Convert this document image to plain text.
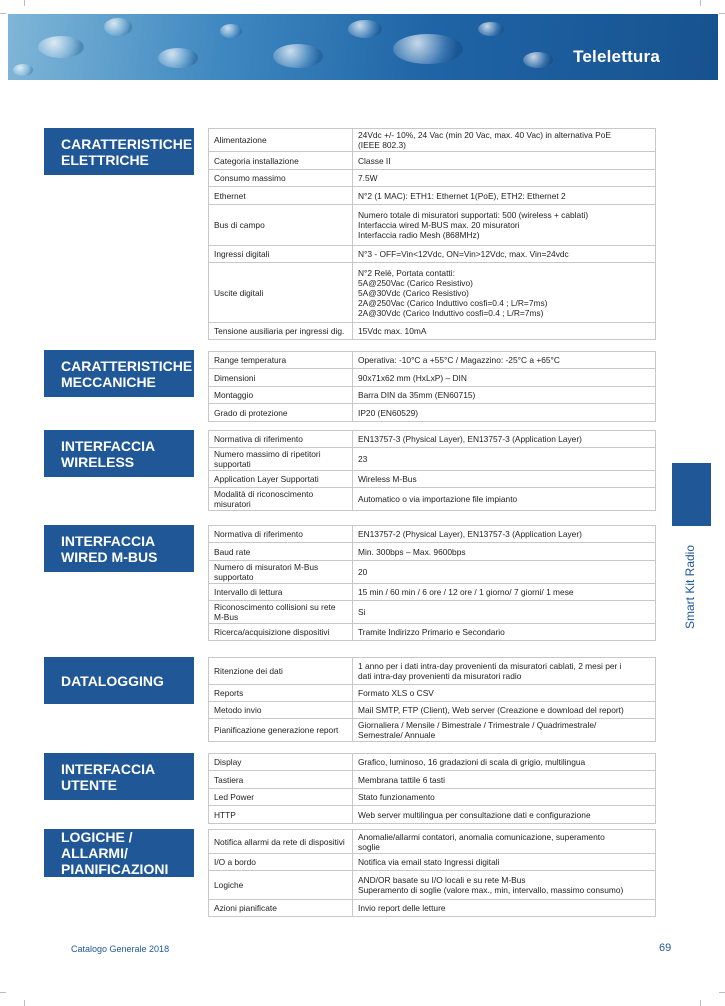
Telelettura
CARATTERISTICHE
ELETTRICHE
Alimentazione	24Vdc +/- 10%, 24 Vac (min 20 Vac, max. 40 Vac) in alternativa PoE
(IEEE 802.3)

Categoria installazione	Classe II

Consumo massimo	7.5W

Ethernet	N°2 (1 MAC): ETH1: Ethernet 1(PoE), ETH2: Ethernet 2

Bus di campo	Numero totale di misuratori supportati: 500 (wireless + cablati)
Interfaccia wired M-BUS max. 20 misuratori
Interfaccia radio Mesh (868MHz)

Ingressi digitali	N°3 - OFF=Vin<12Vdc, ON=Vin>12Vdc, max. Vin=24vdc

Uscite digitali	N°2 Relè, Portata contatti:
5A@250Vac (Carico Resistivo)
5A@30Vdc (Carico Resistivo)
2A@250Vac (Carico Induttivo cosfi=0.4 ; L/R=7ms)
2A@30Vdc (Carico Induttivo cosfi=0.4 ; L/R=7ms)

Tensione ausiliaria per ingressi dig.	15Vdc max. 10mA
CARATTERISTICHE
MECCANICHE
Range temperatura	Operativa: -10°C a +55°C / Magazzino: -25°C a +65°C

Dimensioni	90x71x62 mm (HxLxP) – DIN

Montaggio	Barra DIN da 35mm (EN60715)

Grado di protezione	IP20 (EN60529)
INTERFACCIA
WIRELESS
Normativa di riferimento	EN13757-3 (Physical Layer), EN13757-3 (Application Layer)

Numero massimo di ripetitori supportati	23

Application Layer Supportati	Wireless M-Bus

Modalità di riconoscimento misuratori	Automatico o via importazione file impianto
INTERFACCIA
WIRED M-BUS
Normativa di riferimento	EN13757-2 (Physical Layer), EN13757-3 (Application Layer)

Baud rate	Min. 300bps – Max. 9600bps

Numero di misuratori M-Bus supportato	20

Intervallo di lettura	15 min / 60 min / 6 ore / 12 ore / 1 giorno/ 7 giorni/ 1 mese

Riconoscimento collisioni su rete M-Bus	Si

Ricerca/acquisizione dispositivi	Tramite Indirizzo Primario e Secondario
DATALOGGING
Ritenzione dei dati	1 anno per i dati intra-day provenienti da misuratori cablati, 2 mesi per i
dati intra-day provenienti da misuratori radio

Reports	Formato XLS o CSV

Metodo invio	Mail SMTP, FTP (Client), Web server (Creazione e download del report)

Pianificazione generazione report	Giornaliera / Mensile / Bimestrale / Trimestrale / Quadrimestrale/
Semestrale/ Annuale
INTERFACCIA
UTENTE
Display	Grafico, luminoso, 16 gradazioni di scala di grigio, multilingua

Tastiera	Membrana tattile 6 tasti

Led Power	Stato funzionamento

HTTP	Web server multilingua per consultazione dati e configurazione
LOGICHE / ALLARMI/
PIANIFICAZIONI
Notifica allarmi da rete di dispositivi	Anomalie/allarmi contatori, anomalia comunicazione, superamento
soglie

I/O a bordo	Notifica via email stato Ingressi digitali

Logiche	AND/OR basate su I/O locali e su rete M-Bus
Superamento di soglie (valore max., min, intervallo, massimo consumo)

Azioni pianificate	Invio report delle letture
Smart Kit Radio
Catalogo Generale 2018	69
